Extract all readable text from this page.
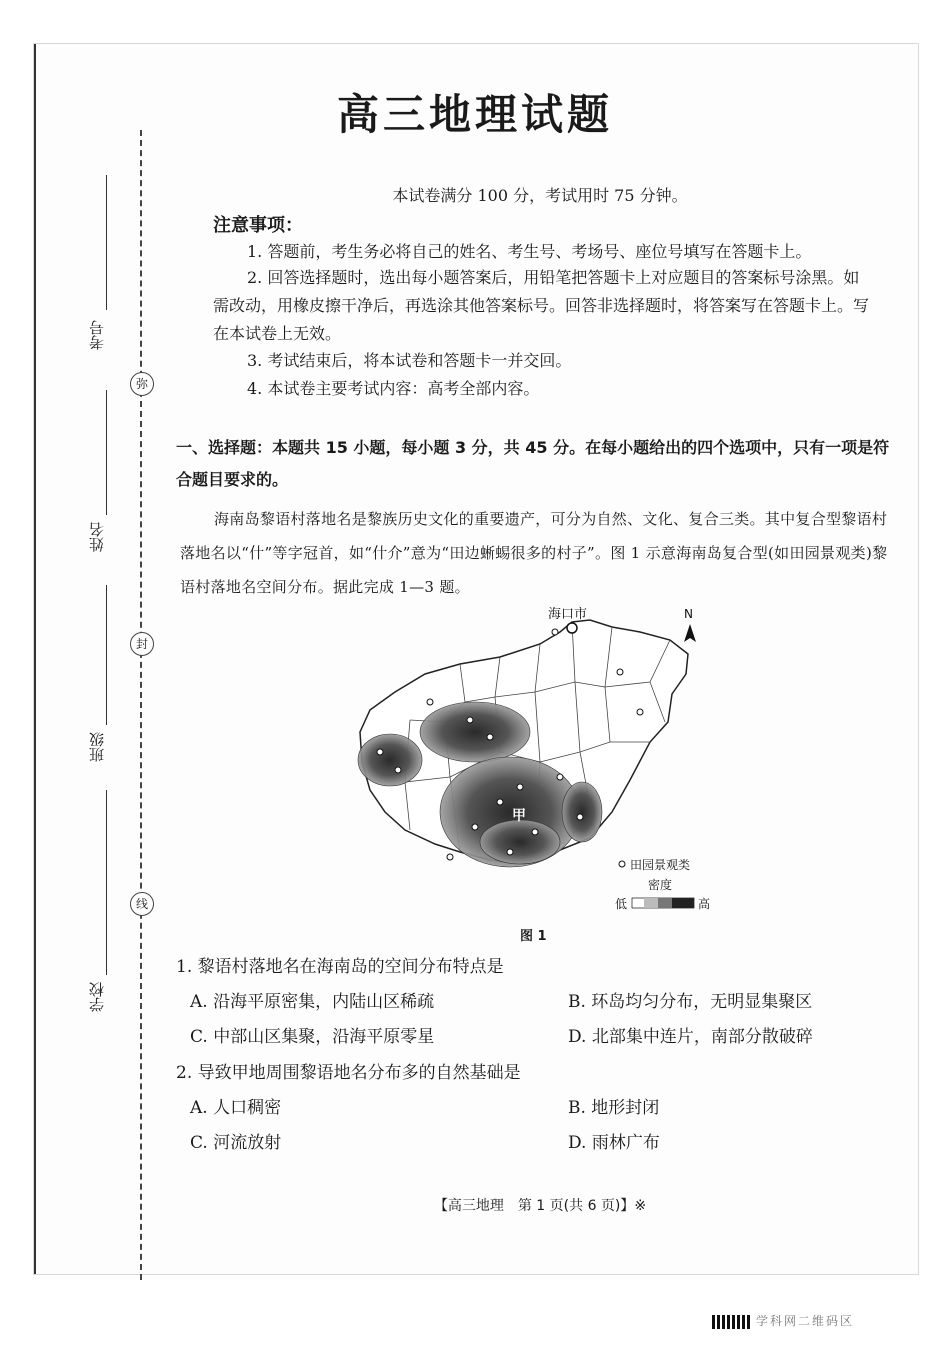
考号
姓名
班级
学校
弥
封
线
高三地理试题
本试卷满分 100 分，考试用时 75 分钟。
注意事项：
1. 答题前，考生务必将自己的姓名、考生号、考场号、座位号填写在答题卡上。
2. 回答选择题时，选出每小题答案后，用铅笔把答题卡上对应题目的答案标号涂黑。如需改动，用橡皮擦干净后，再选涂其他答案标号。回答非选择题时，将答案写在答题卡上。写在本试卷上无效。
3. 考试结束后，将本试卷和答题卡一并交回。
4. 本试卷主要考试内容：高考全部内容。
一、选择题：本题共 15 小题，每小题 3 分，共 45 分。在每小题给出的四个选项中，只有一项是符合题目要求的。
海南岛黎语村落地名是黎族历史文化的重要遗产，可分为自然、文化、复合三类。其中复合型黎语村落地名以“什”等字冠首，如“什介”意为“田边蜥蜴很多的村子”。图 1 示意海南岛复合型(如田园景观类)黎语村落地名空间分布。据此完成 1—3 题。
海口市
甲
N
田园景观类
密度
低	高
图 1
1. 黎语村落地名在海南岛的空间分布特点是
A. 沿海平原密集，内陆山区稀疏	B. 环岛均匀分布，无明显集聚区
C. 中部山区集聚，沿海平原零星	D. 北部集中连片，南部分散破碎
2. 导致甲地周围黎语地名分布多的自然基础是
A. 人口稠密	B. 地形封闭
C. 河流放射	D. 雨林广布
【高三地理　第 1 页(共 6 页)】※
学科网二维码区
